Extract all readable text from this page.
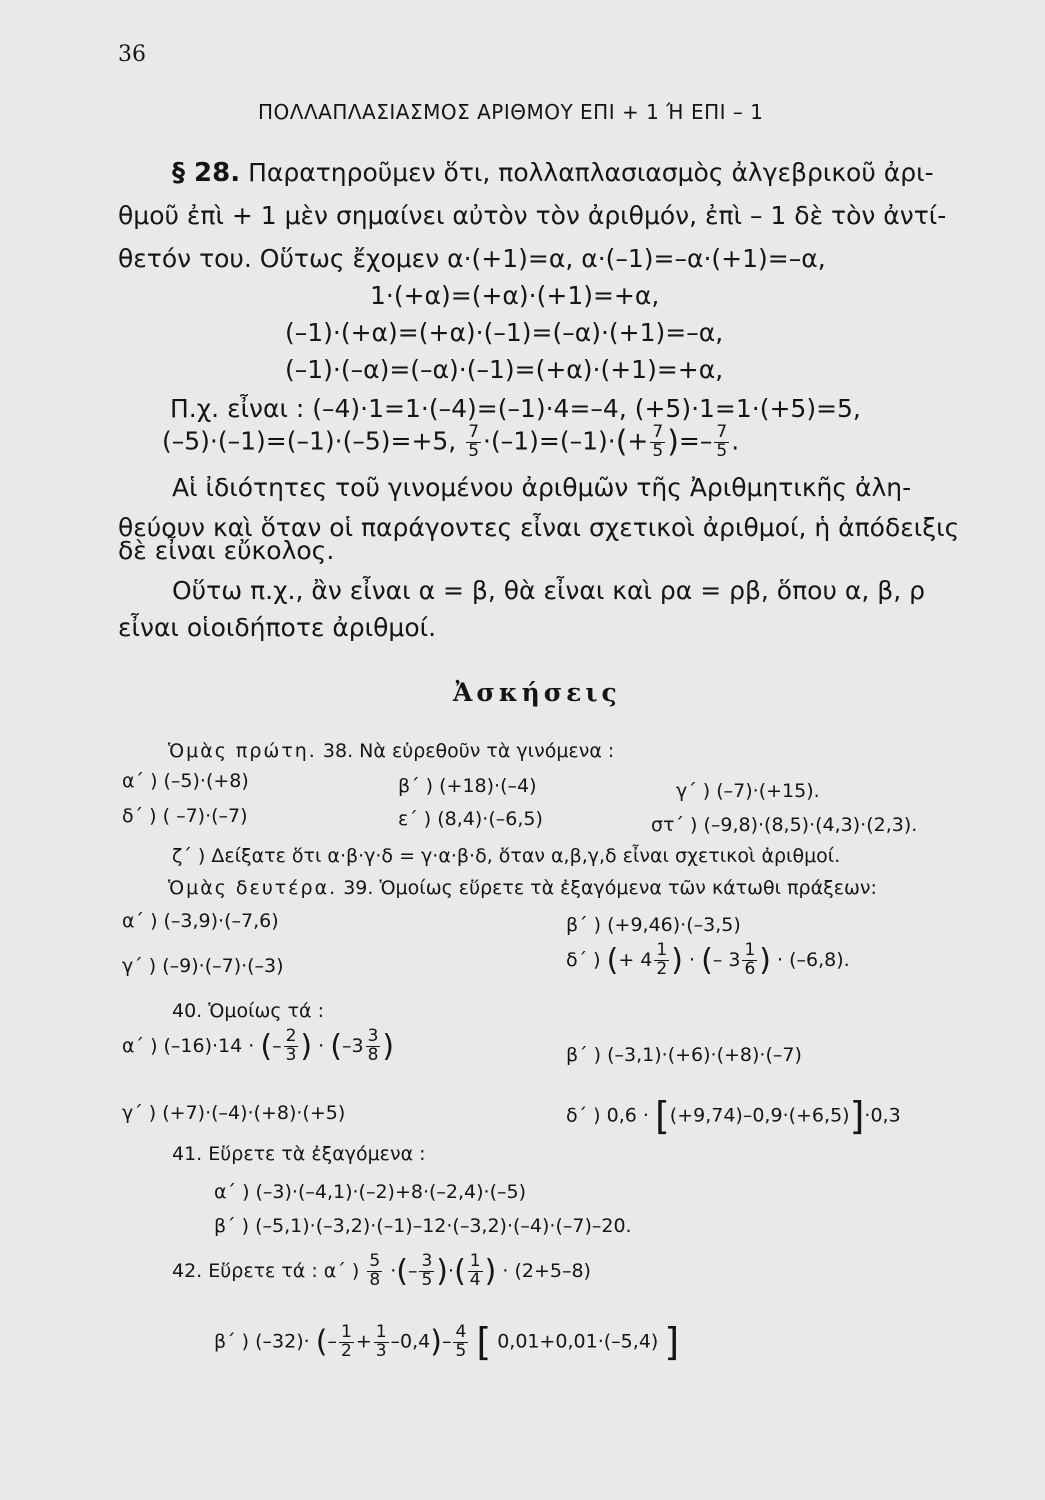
36
ΠΟΛΛΑΠΛΑΣΙΑΣΜΟΣ ΑΡΙΘΜΟΥ ΕΠΙ + 1 Ή ΕΠΙ – 1
§ 28. Παρατηροῦμεν ὅτι, πολλαπλασιασμὸς ἀλγεβρικοῦ ἀρι-
θμοῦ ἐπὶ + 1 μὲν σημαίνει αὐτὸν τὸν ἀριθμόν, ἐπὶ – 1 δὲ τὸν ἀντί-
θετόν του. Οὕτως ἔχομεν α·(+1)=α, α·(–1)=–α·(+1)=–α,
1·(+α)=(+α)·(+1)=+α,
(–1)·(+α)=(+α)·(–1)=(–α)·(+1)=–α,
(–1)·(–α)=(–α)·(–1)=(+α)·(+1)=+α,
Π.χ. εἶναι : (–4)·1=1·(–4)=(–1)·4=–4, (+5)·1=1·(+5)=5,
(–5)·(–1)=(–1)·(–5)=+5, $\frac{7}{5} \cdot(-1)=(-1)\cdot(+ \frac{7}{5}$ )=– $\frac{7}{5}$ .
Αἱ ἰδιότητες τοῦ γινομένου ἀριθμῶν τῆς Ἀριθμητικῆς ἀλη-
θεύουν καὶ ὅταν οἱ παράγοντες εἶναι σχετικοὶ ἀριθμοί, ἡ ἀπόδειξις
δὲ εἶναι εὔκολος.
Οὕτω π.χ., ἂν εἶναι α = β, θὰ εἶναι καὶ ρα = ρβ, ὅπου α, β, ρ
εἶναι οἱοιδήποτε ἀριθμοί.
Ἀσκήσεις
Ὁμὰς πρώτη. 38. Νὰ εὑρεθοῦν τὰ γινόμενα :
α΄ ) (–5)·(+8)	β΄ ) (+18)·(–4)	γ΄ ) (–7)·(+15).
δ΄ ) ( –7)·(–7)	ε΄ ) (8,4)·(–6,5)	στ΄ ) (–9,8)·(8,5)·(4,3)·(2,3).
ζ΄ ) Δείξατε ὅτι α·β·γ·δ = γ·α·β·δ, ὅταν α,β,γ,δ εἶναι σχετικοὶ ἀριθμοί.
Ὁμὰς δευτέρα. 39. Ὁμοίως εὕρετε τὰ ἐξαγόμενα τῶν κάτωθι πράξεων:
α΄ ) (–3,9)·(–7,6)	β΄ ) (+9,46)·(–3,5)
γ΄ ) (–9)·(–7)·(–3)	δ΄ ) (+ $4 \frac{1}{2}$ ) · (– $3 \frac{1}{6}$ ) · (–6,8).
40. Ὁμοίως τά :
α΄ ) (–16)·14 · (– $\frac{2}{3}$ ) · ($-3 \frac{3}{8}$ )	β΄ ) (–3,1)·(+6)·(+8)·(–7)
γ΄ ) (+7)·(–4)·(+8)·(+5)	δ΄ ) 0,6 · [(+9,74)–0,9·(+6,5)]·0,3
41. Εὕρετε τὰ ἐξαγόμενα :
α΄ ) (–3)·(–4,1)·(–2)+8·(–2,4)·(–5)
β΄ ) (–5,1)·(–3,2)·(–1)–12·(–3,2)·(–4)·(–7)–20.
42. Εὕρετε τά : α΄ ) $\frac{5}{8}$ ·(– $\frac{3}{5}$ )·( $\frac{1}{4}$ ) · (2+5–8)
β΄ ) (–32)· (– $\frac{1}{2} + \frac{1}{3} -0,4)- \frac{4}{5}$ [ 0,01+0,01·(–5,4) ]
